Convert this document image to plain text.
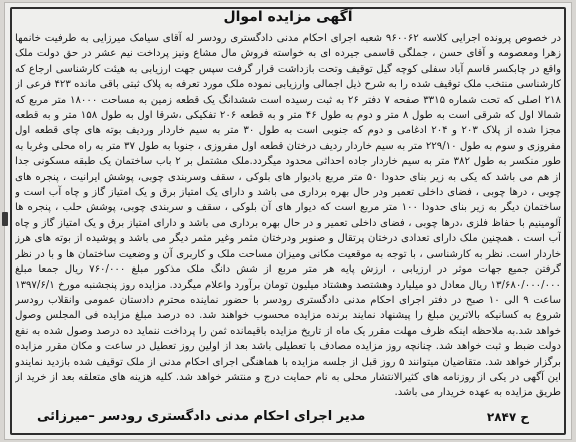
آگهی مزایده اموال
در خصوص پرونده اجرایی کلاسه ۹۶۰۰۶۲ شعبه اجرای احکام مدنی دادگستری رودسر له آقای سیامک میرزایی به طرفیت خانمها زهرا ومعصومه و آقای حسن ، جملگی قاسمی جیرده ای به خواسته فروش مال مشاع ونیز پرداخت نیم عشر در حق دولت ملک واقع در چابکسر قاسم آباد سفلی کوچه گیل توقیف وتحت بازداشت قرار گرفت سپس جهت ارزیابی به هیئت کارشناسی ارجاع که کارشناسی منتخب ملک توقیف شده را به شرح ذیل اجمالی وارزیابی نموده ملک مورد تعرفه به پلاک ثبتی باقی مانده ۴۲۳ فرعی از ۲۱۸ اصلی که تحت شماره ۳۳۱۵ صفحه ۷ دفتر ۲۶ به ثبت رسیده است ششدانگ یک قطعه زمین به مساحت ۱۸۰۰۰ متر مربع که شمالا اول که شرقی است به طول ۸ متر و دوم به طول ۴۶ متر و به قطعه ۲۰۶ تفکیکی ،شرقا اول به طول ۱۵۸ متر و به قطعه مجزا شده از پلاک ۲۰۳ و ۲۰۴ ادغامی و دوم که جنوبی است به طول ۳۰ متر به سیم خاردار وردیف بوته های چای قطعه اول مفروزی و سوم به طول ۲۲۹/۱۰ متر به سیم خاردار ردیف درختان قطعه اول مفروزی ، جنوبا به طول ۳۷ متر به راه محلی وغربا به طور منکسر به طول ۳۸۲ متر به سیم خاردار جاده احداثی محدود میگردد.ملک مشتمل بر ۲ باب ساختمان یک طبقه مسکونی جدا از هم می باشد که یکی به زیر بنای حدودا ۵۰ متر مربع بادیوار های بلوکی ، سقف وسربندی چوبی، پوشش ایرانیت ، پنجره های چوبی ، درها چوبی ، فضای داخلی تعمیر ودر حال بهره برداری می باشد و دارای یک امتیاز برق و یک امتیاز گاز و چاه آب است و ساختمان دیگر به زیر بنای حدودا ۱۰۰ متر مربع است که دیوار های آن بلوکی ، سقف و سربندی چوبی، پوشش حلب ، پنجره ها آلومینیم با حفاظ فلزی ،درها چوبی ، فضای داخلی تعمیر و در حال بهره برداری می باشد و دارای امتیاز برق و یک امتیاز گاز و چاه آب است . همچنین ملک دارای تعدادی درختان پرتقال و صنوبر ودرختان مثمر وغیر مثمر دیگر می باشد و پوشیده از بوته های هرز خاردار است. نظر به کارشناسی ، با توجه به موقعیت مکانی ومیزان مساحت ملک و کاربری آن و وضعیت ساختمان ها و با در نظر گرفتن جمیع جهات موثر در ارزیابی ، ارزش پایه هر متر مربع از شش دانگ ملک مذکور مبلغ ۷۶۰/۰۰۰ ریال جمعا مبلغ ۱۳/۶۸۰/۰۰۰/۰۰۰ ریال معادل دو میلیارد وهشتصد وهشتاد میلیون تومان برآورد واعلام میگردد. مزایده روز پنجشنبه مورخ ۱۳۹۷/۶/۱ ساعت ۹ الی ۱۰ صبح در دفتر اجرای احکام مدنی دادگستری رودسر با حضور نماینده محترم دادستان عمومی وانقلاب رودسر شروع به کسانیکه بالاترین مبلغ را پیشنهاد نمایند برنده مزایده محسوب خواهند شد. ده درصد مبلغ مزایده فی المجلس وصول خواهد شد.به ملاحظه اینکه ظرف مهلت مقرر یک ماه از تاریخ مزایده باقیمانده ثمن را پرداخت ننماید ده درصد وصول شده به نفع دولت ضبط و ثبت خواهد شد. چنانچه روز مزایده مصادف با تعطیلی باشد بعد از اولین روز تعطیل در ساعت و مکان مقرر مزایده برگزار خواهد شد. متقاضیان میتوانند ۵ روز قبل از جلسه مزایده با هماهنگی اجرای احکام مدنی از ملک توقیف شده بازدید نمایندو این آگهی در یکی از روزنامه های کثیرالانتشار محلی به نام حمایت درج و منتشر خواهد شد. کلیه هزینه های متعلقه بعد از خرید از طریق مزایده به عهده خریدار می باشد.
ح ۲۸۴۷
مدیر اجرای احکام مدنی دادگستری رودسر –میرزائی
